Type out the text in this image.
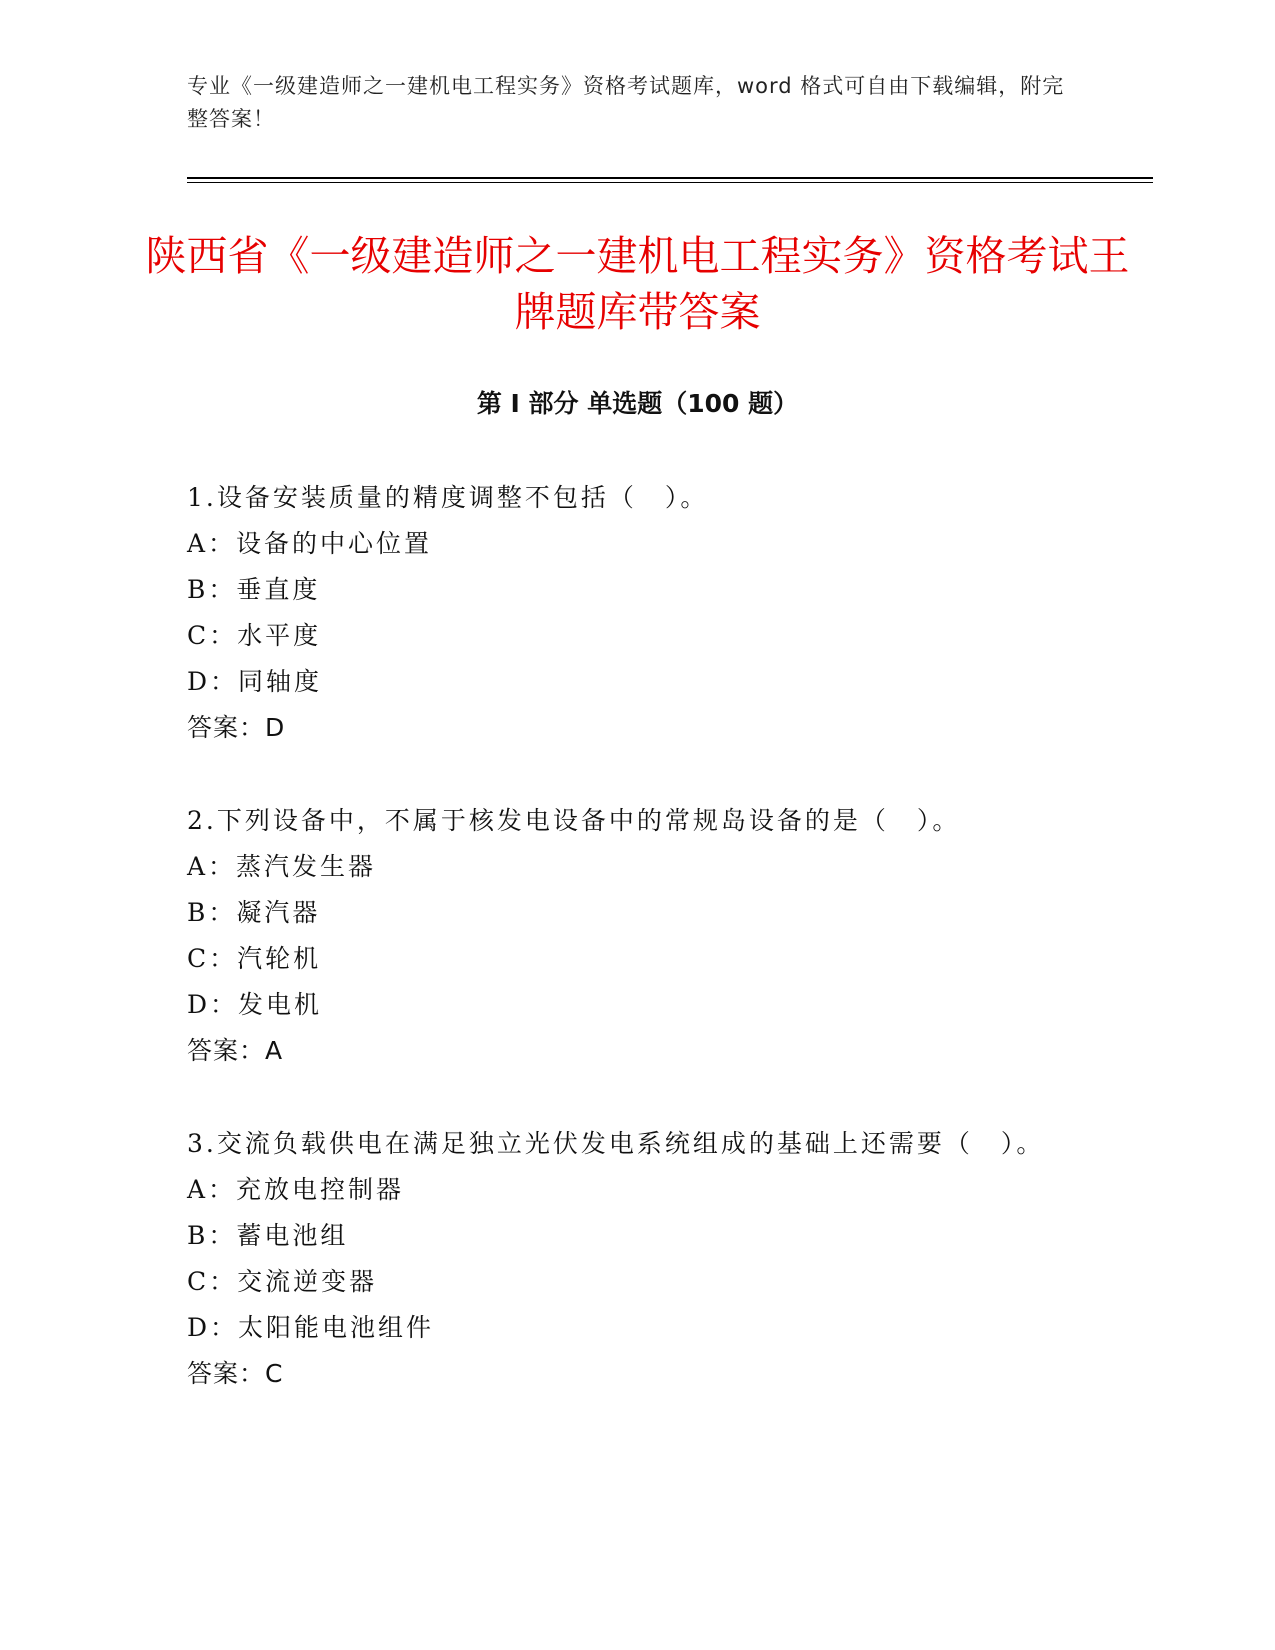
专业《一级建造师之一建机电工程实务》资格考试题库，word 格式可自由下载编辑，附完整答案！
陕西省《一级建造师之一建机电工程实务》资格考试王牌题库带答案
第 I 部分 单选题（100 题）
1.设备安装质量的精度调整不包括（　）。
A：设备的中心位置
B：垂直度
C：水平度
D：同轴度
答案：D
2.下列设备中，不属于核发电设备中的常规岛设备的是（　）。
A：蒸汽发生器
B：凝汽器
C：汽轮机
D：发电机
答案：A
3.交流负载供电在满足独立光伏发电系统组成的基础上还需要（　）。
A：充放电控制器
B：蓄电池组
C：交流逆变器
D：太阳能电池组件
答案：C
